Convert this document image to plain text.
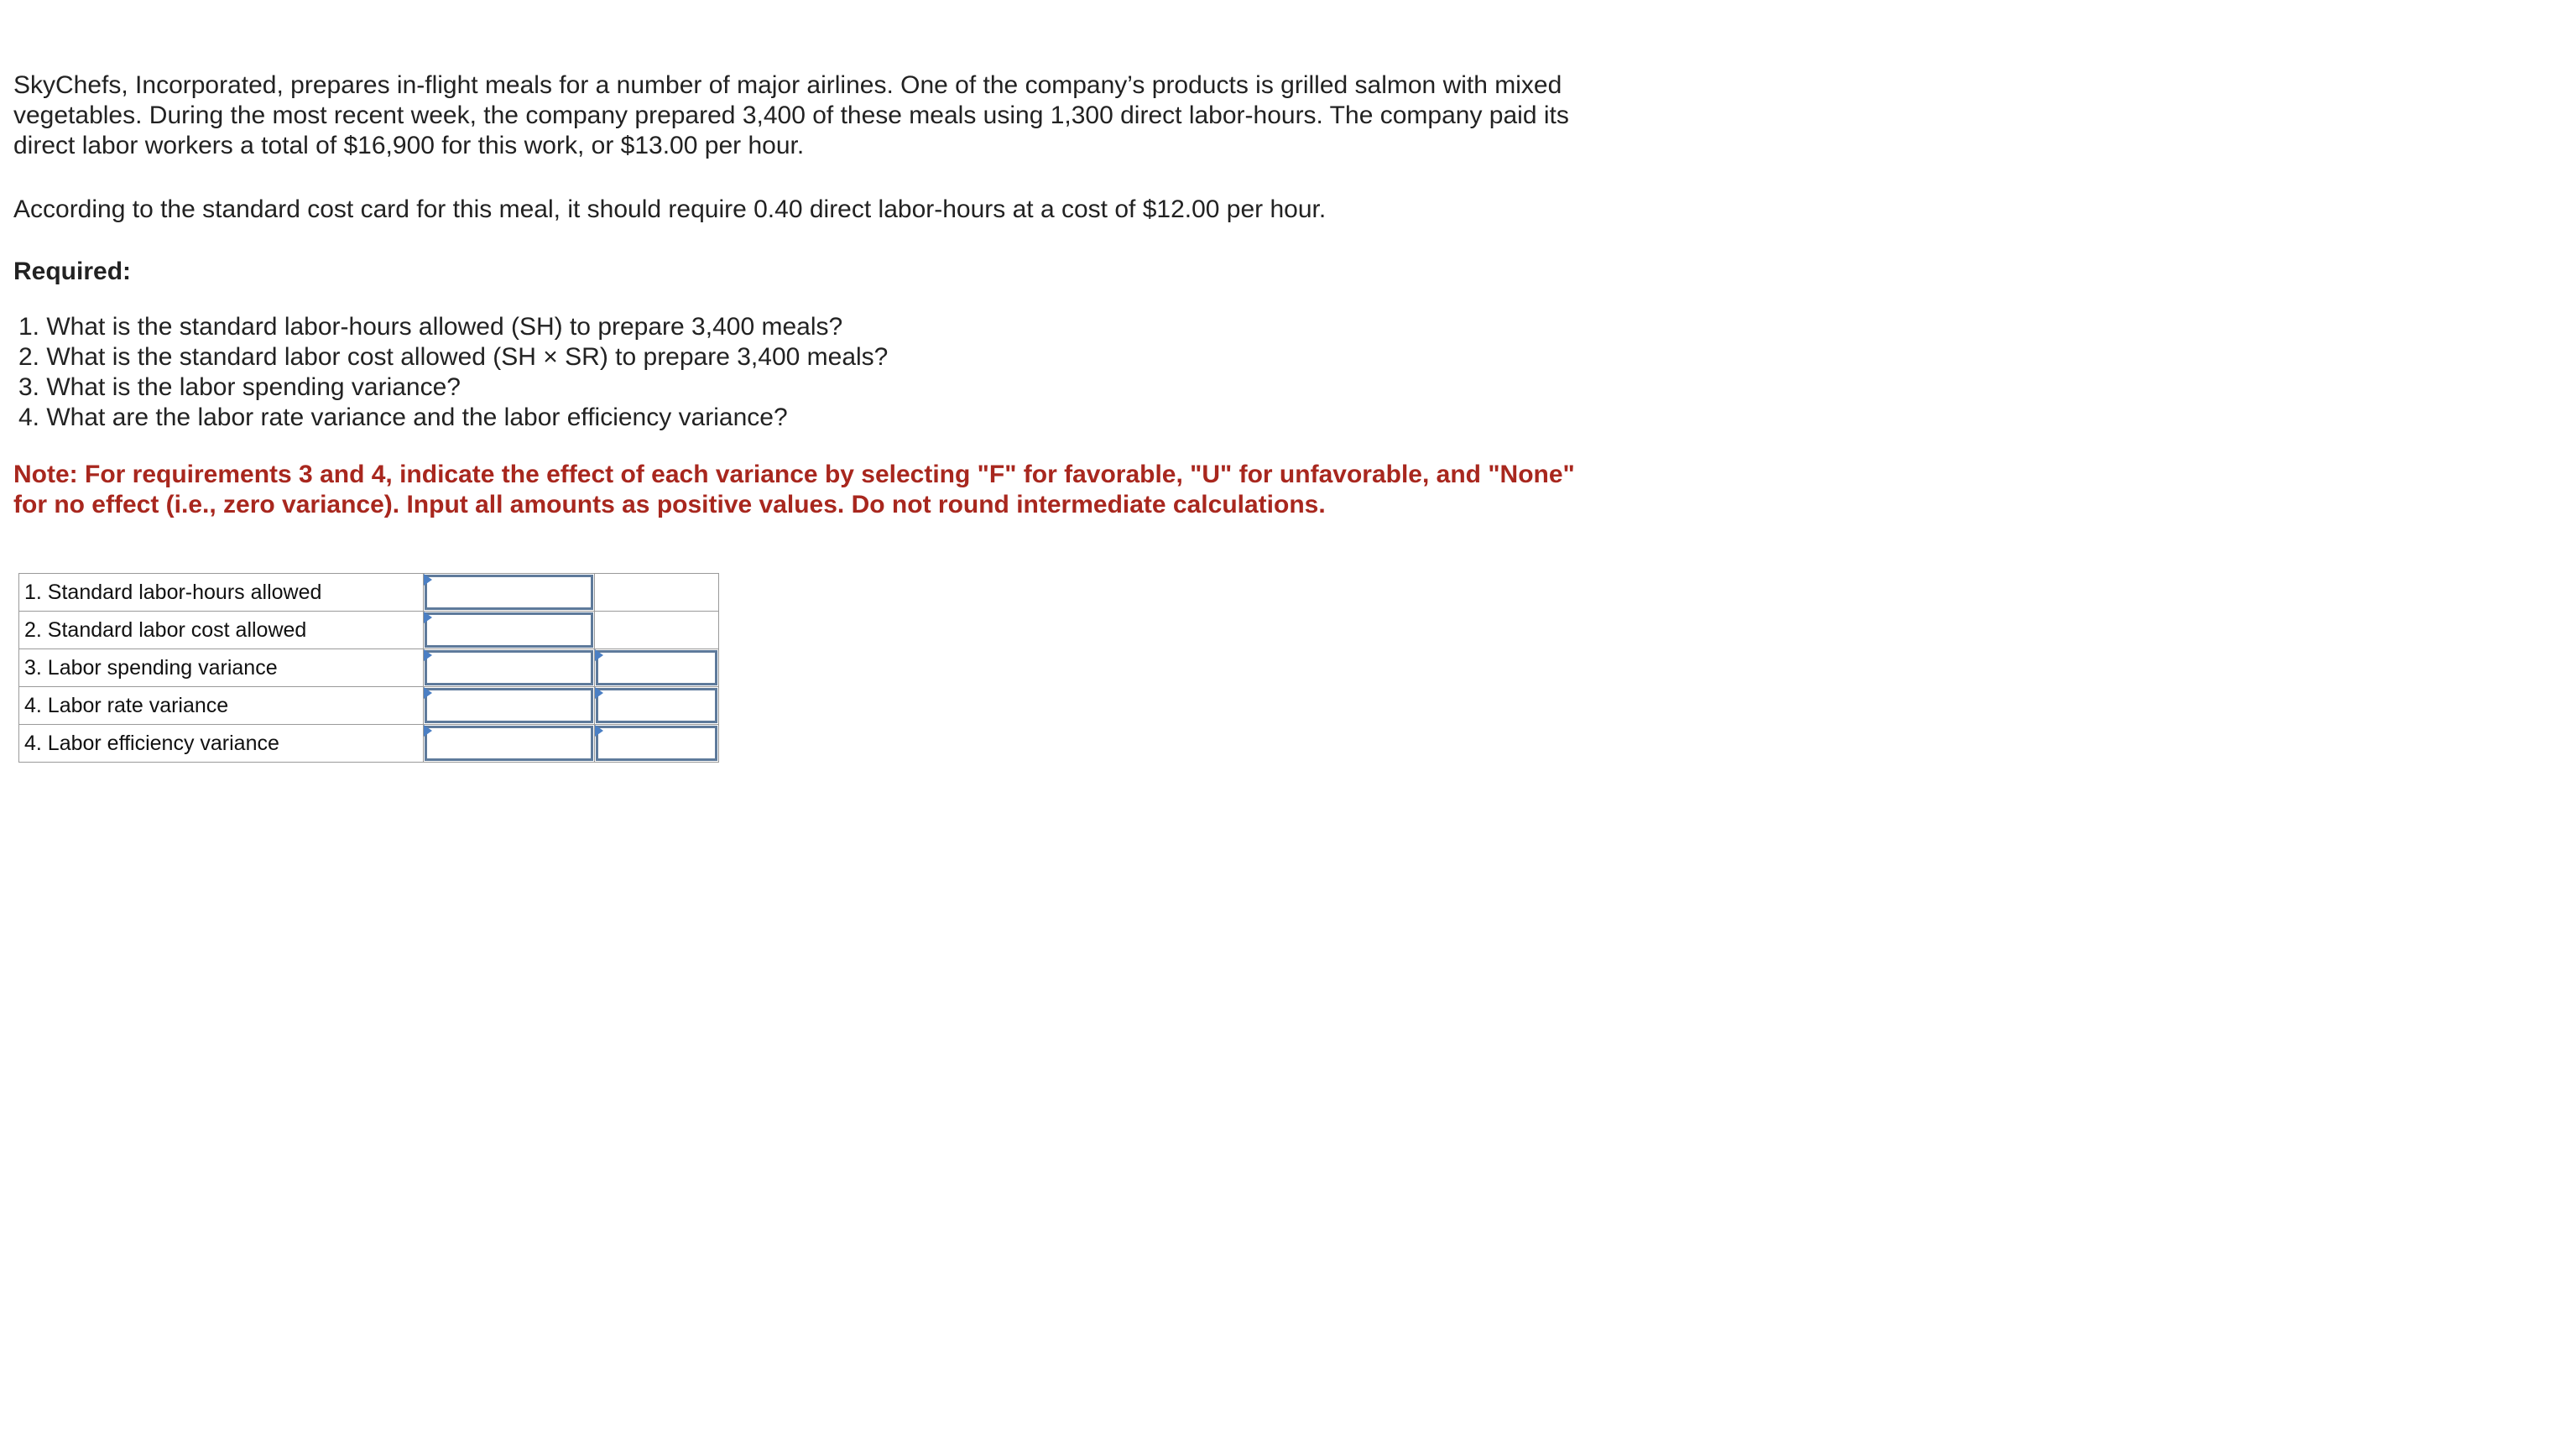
SkyChefs, Incorporated, prepares in-flight meals for a number of major airlines. One of the company’s products is grilled salmon with mixed vegetables. During the most recent week, the company prepared 3,400 of these meals using 1,300 direct labor-hours. The company paid its direct labor workers a total of $16,900 for this work, or $13.00 per hour.

According to the standard cost card for this meal, it should require 0.40 direct labor-hours at a cost of $12.00 per hour.

Required:

1. What is the standard labor-hours allowed (SH) to prepare 3,400 meals?
2. What is the standard labor cost allowed (SH × SR) to prepare 3,400 meals?
3. What is the labor spending variance?
4. What are the labor rate variance and the labor efficiency variance?

Note: For requirements 3 and 4, indicate the effect of each variance by selecting "F" for favorable, "U" for unfavorable, and "None" for no effect (i.e., zero variance). Input all amounts as positive values. Do not round intermediate calculations.

1. Standard labor-hours allowed	

2. Standard labor cost allowed	

3. Labor spending variance	

4. Labor rate variance	

4. Labor efficiency variance	
